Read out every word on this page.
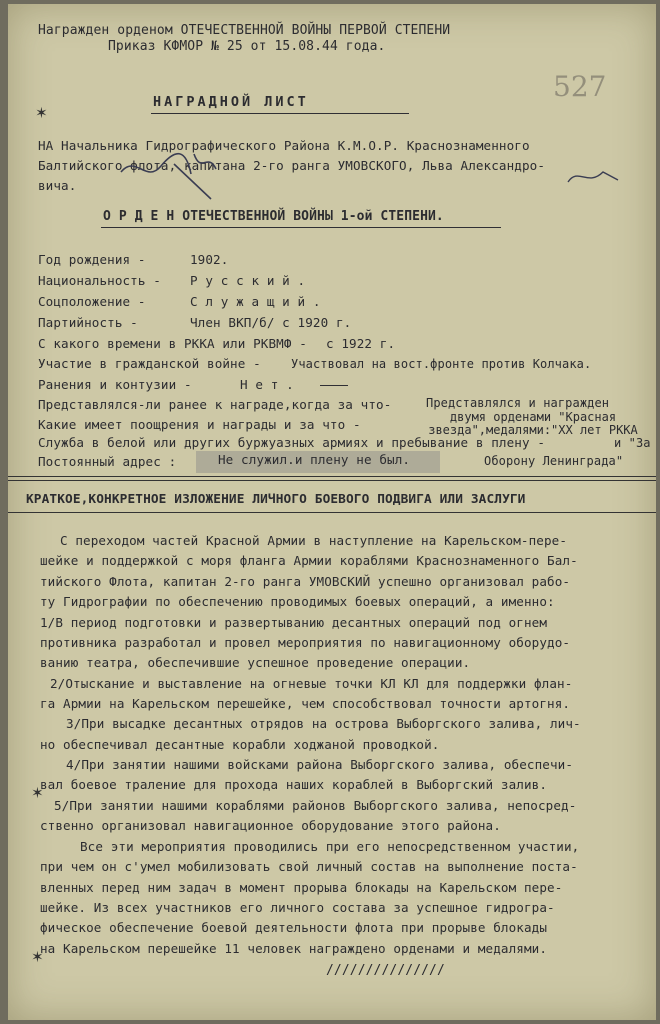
Награжден орденом ОТЕЧЕСТВЕННОЙ ВОЙНЫ ПЕРВОЙ СТЕПЕНИ
Приказ КФМОР № 25 от 15.08.44 года.
527
НАГРАДНОЙ ЛИСТ
✶
НА Начальника Гидрографического Района К.М.О.Р. Краснознаменного
Балтийского флота, капитана 2-го ранга УМОВСКОГО, Льва Александро-
вича.
О Р Д Е Н ОТЕЧЕСТВЕННОЙ ВОЙНЫ 1-ой СТЕПЕНИ.
Год рождения -	1902.
Национальность - Р у с с к и й .
Соцположение -	С л у ж а щ и й .
Партийность -	Член ВКП/б/ с 1920 г.
С какого времени в РККА или РКВМФ - с 1922 г.
Участие в гражданской войне -	Участвовал на вост.фронте против Колчака.
Ранения и контузии -	Н е т .
Представлялся-ли ранее к награде,когда за что-	Представлялся и награжден
Какие имеет поощрения и награды и за что -	двумя орденами "Красная звезда",медалями:"ХХ лет РККА
Служба в белой или других буржуазных армиях и пребывание в плену -	и "За
Постоянный адрес :	Не служил.и плену не был.	Оборону Ленинграда"
КРАТКОЕ,КОНКРЕТНОЕ ИЗЛОЖЕНИЕ ЛИЧНОГО БОЕВОГО ПОДВИГА ИЛИ ЗАСЛУГИ
С переходом частей Красной Армии в наступление на Карельском-пере-
шейке и поддержкой с моря фланга Армии кораблями Краснознаменного Бал-
тийского Флота, капитан 2-го ранга УМОВСКИЙ успешно организовал рабо-
ту Гидрографии по обеспечению проводимых боевых операций, а именно:
1/В период подготовки и развертыванию десантных операций под огнем
противника разработал и провел мероприятия по навигационному оборудо-
ванию театра, обеспечившие успешное проведение операции.
2/Отыскание и выставление на огневые точки КЛ КЛ для поддержки флан-
га Армии на Карельском перешейке, чем способствовал точности артогня.
3/При высадке десантных отрядов на острова Выборгского залива, лич-
но обеспечивал десантные корабли ходжаной проводкой.
4/При занятии нашими войсками района Выборгского залива, обеспечи-
вал боевое траление для прохода наших кораблей в Выборгский залив.
5/При занятии нашими кораблями районов Выборгского залива, непосред-
ственно организовал навигационное оборудование этого района.
Все эти мероприятия проводились при его непосредственном участии,
при чем он с'умел мобилизовать свой личный состав на выполнение поста-
вленных перед ним задач в момент прорыва блокады на Карельском пере-
шейке. Из всех участников его личного состава за успешное гидрогра-
фическое обеспечение боевой деятельности флота при прорыве блокады
на Карельском перешейке 11 человек награждено орденами и медалями.
///////////////
✶
✶
